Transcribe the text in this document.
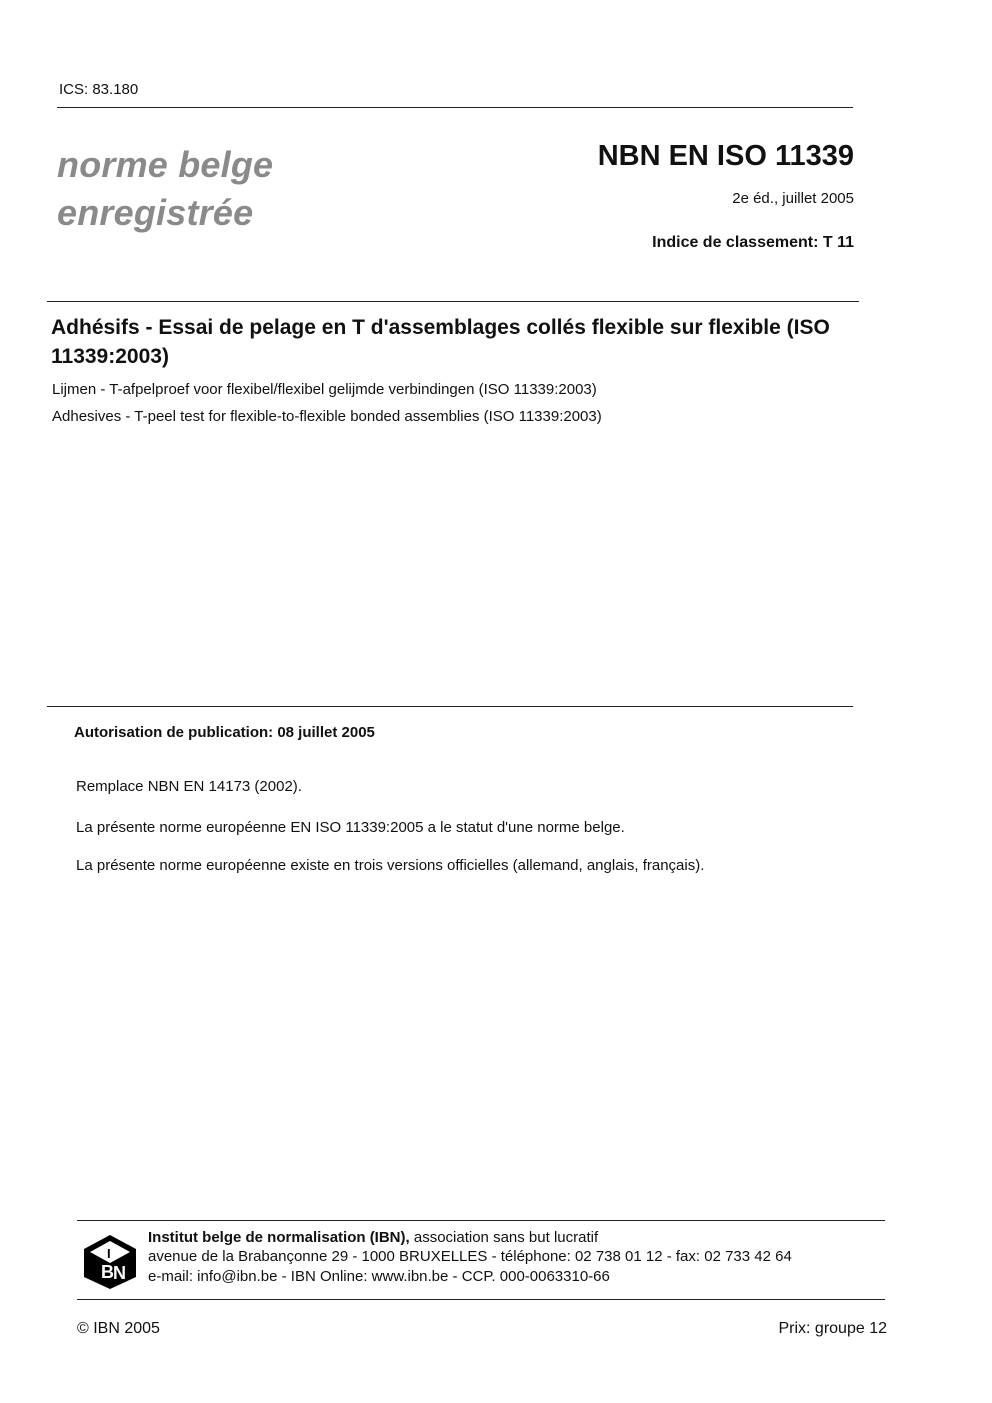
ICS: 83.180
norme belge
enregistrée
NBN EN ISO 11339
2e éd., juillet 2005
Indice de classement: T 11
Adhésifs - Essai de pelage en T d'assemblages collés flexible sur flexible (ISO 11339:2003)
Lijmen - T-afpelproef voor flexibel/flexibel gelijmde verbindingen (ISO 11339:2003)
Adhesives - T-peel test for flexible-to-flexible bonded assemblies (ISO 11339:2003)
Autorisation de publication: 08 juillet 2005
Remplace NBN EN 14173 (2002).
La présente norme européenne EN ISO 11339:2005 a le statut d'une norme belge.
La présente norme européenne existe en trois versions officielles (allemand, anglais, français).
B N
I
Institut belge de normalisation (IBN), association sans but lucratif
avenue de la Brabançonne 29 - 1000 BRUXELLES - téléphone: 02 738 01 12 - fax: 02 733 42 64
e-mail: info@ibn.be - IBN Online: www.ibn.be - CCP. 000-0063310-66
© IBN 2005	Prix: groupe 12
